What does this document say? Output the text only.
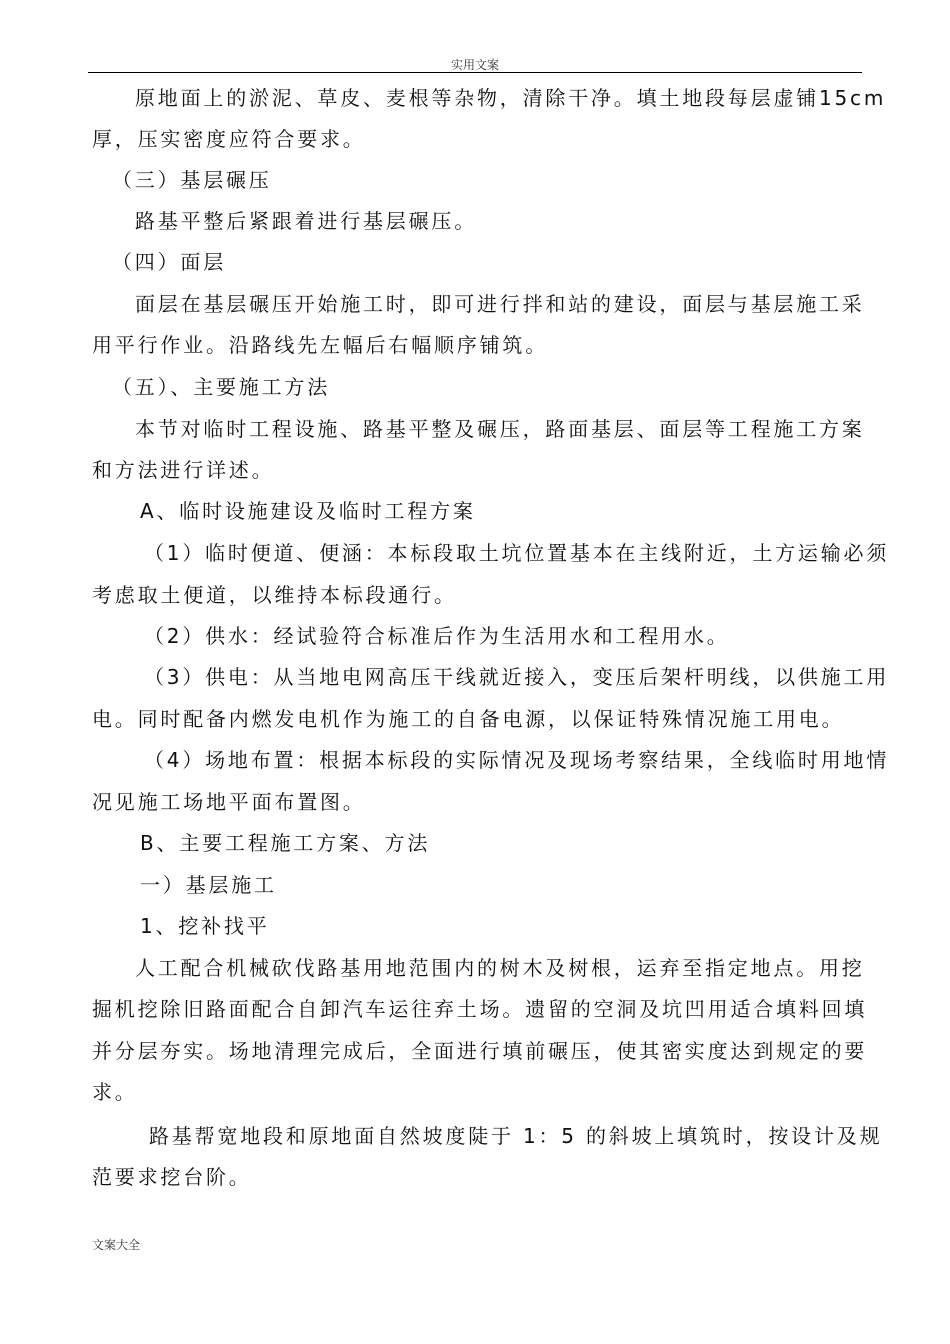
实用文案
原地面上的淤泥、草皮、麦根等杂物，清除干净。填土地段每层虚铺15cm
厚，压实密度应符合要求。
（三）基层碾压
路基平整后紧跟着进行基层碾压。
（四）面层
面层在基层碾压开始施工时，即可进行拌和站的建设，面层与基层施工采
用平行作业。沿路线先左幅后右幅顺序铺筑。
（五）、主要施工方法
本节对临时工程设施、路基平整及碾压，路面基层、面层等工程施工方案
和方法进行详述。
A、临时设施建设及临时工程方案
（1）临时便道、便涵：本标段取土坑位置基本在主线附近，土方运输必须
考虑取土便道，以维持本标段通行。
（2）供水：经试验符合标准后作为生活用水和工程用水。
（3）供电：从当地电网高压干线就近接入，变压后架杆明线，以供施工用
电。同时配备内燃发电机作为施工的自备电源，以保证特殊情况施工用电。
（4）场地布置：根据本标段的实际情况及现场考察结果，全线临时用地情
况见施工场地平面布置图。
B、主要工程施工方案、方法
一）基层施工
1、挖补找平
人工配合机械砍伐路基用地范围内的树木及树根，运弃至指定地点。用挖
掘机挖除旧路面配合自卸汽车运往弃土场。遗留的空洞及坑凹用适合填料回填
并分层夯实。场地清理完成后，全面进行填前碾压，使其密实度达到规定的要
求。
路基帮宽地段和原地面自然坡度陡于 1：5 的斜坡上填筑时，按设计及规
范要求挖台阶。
文案大全
